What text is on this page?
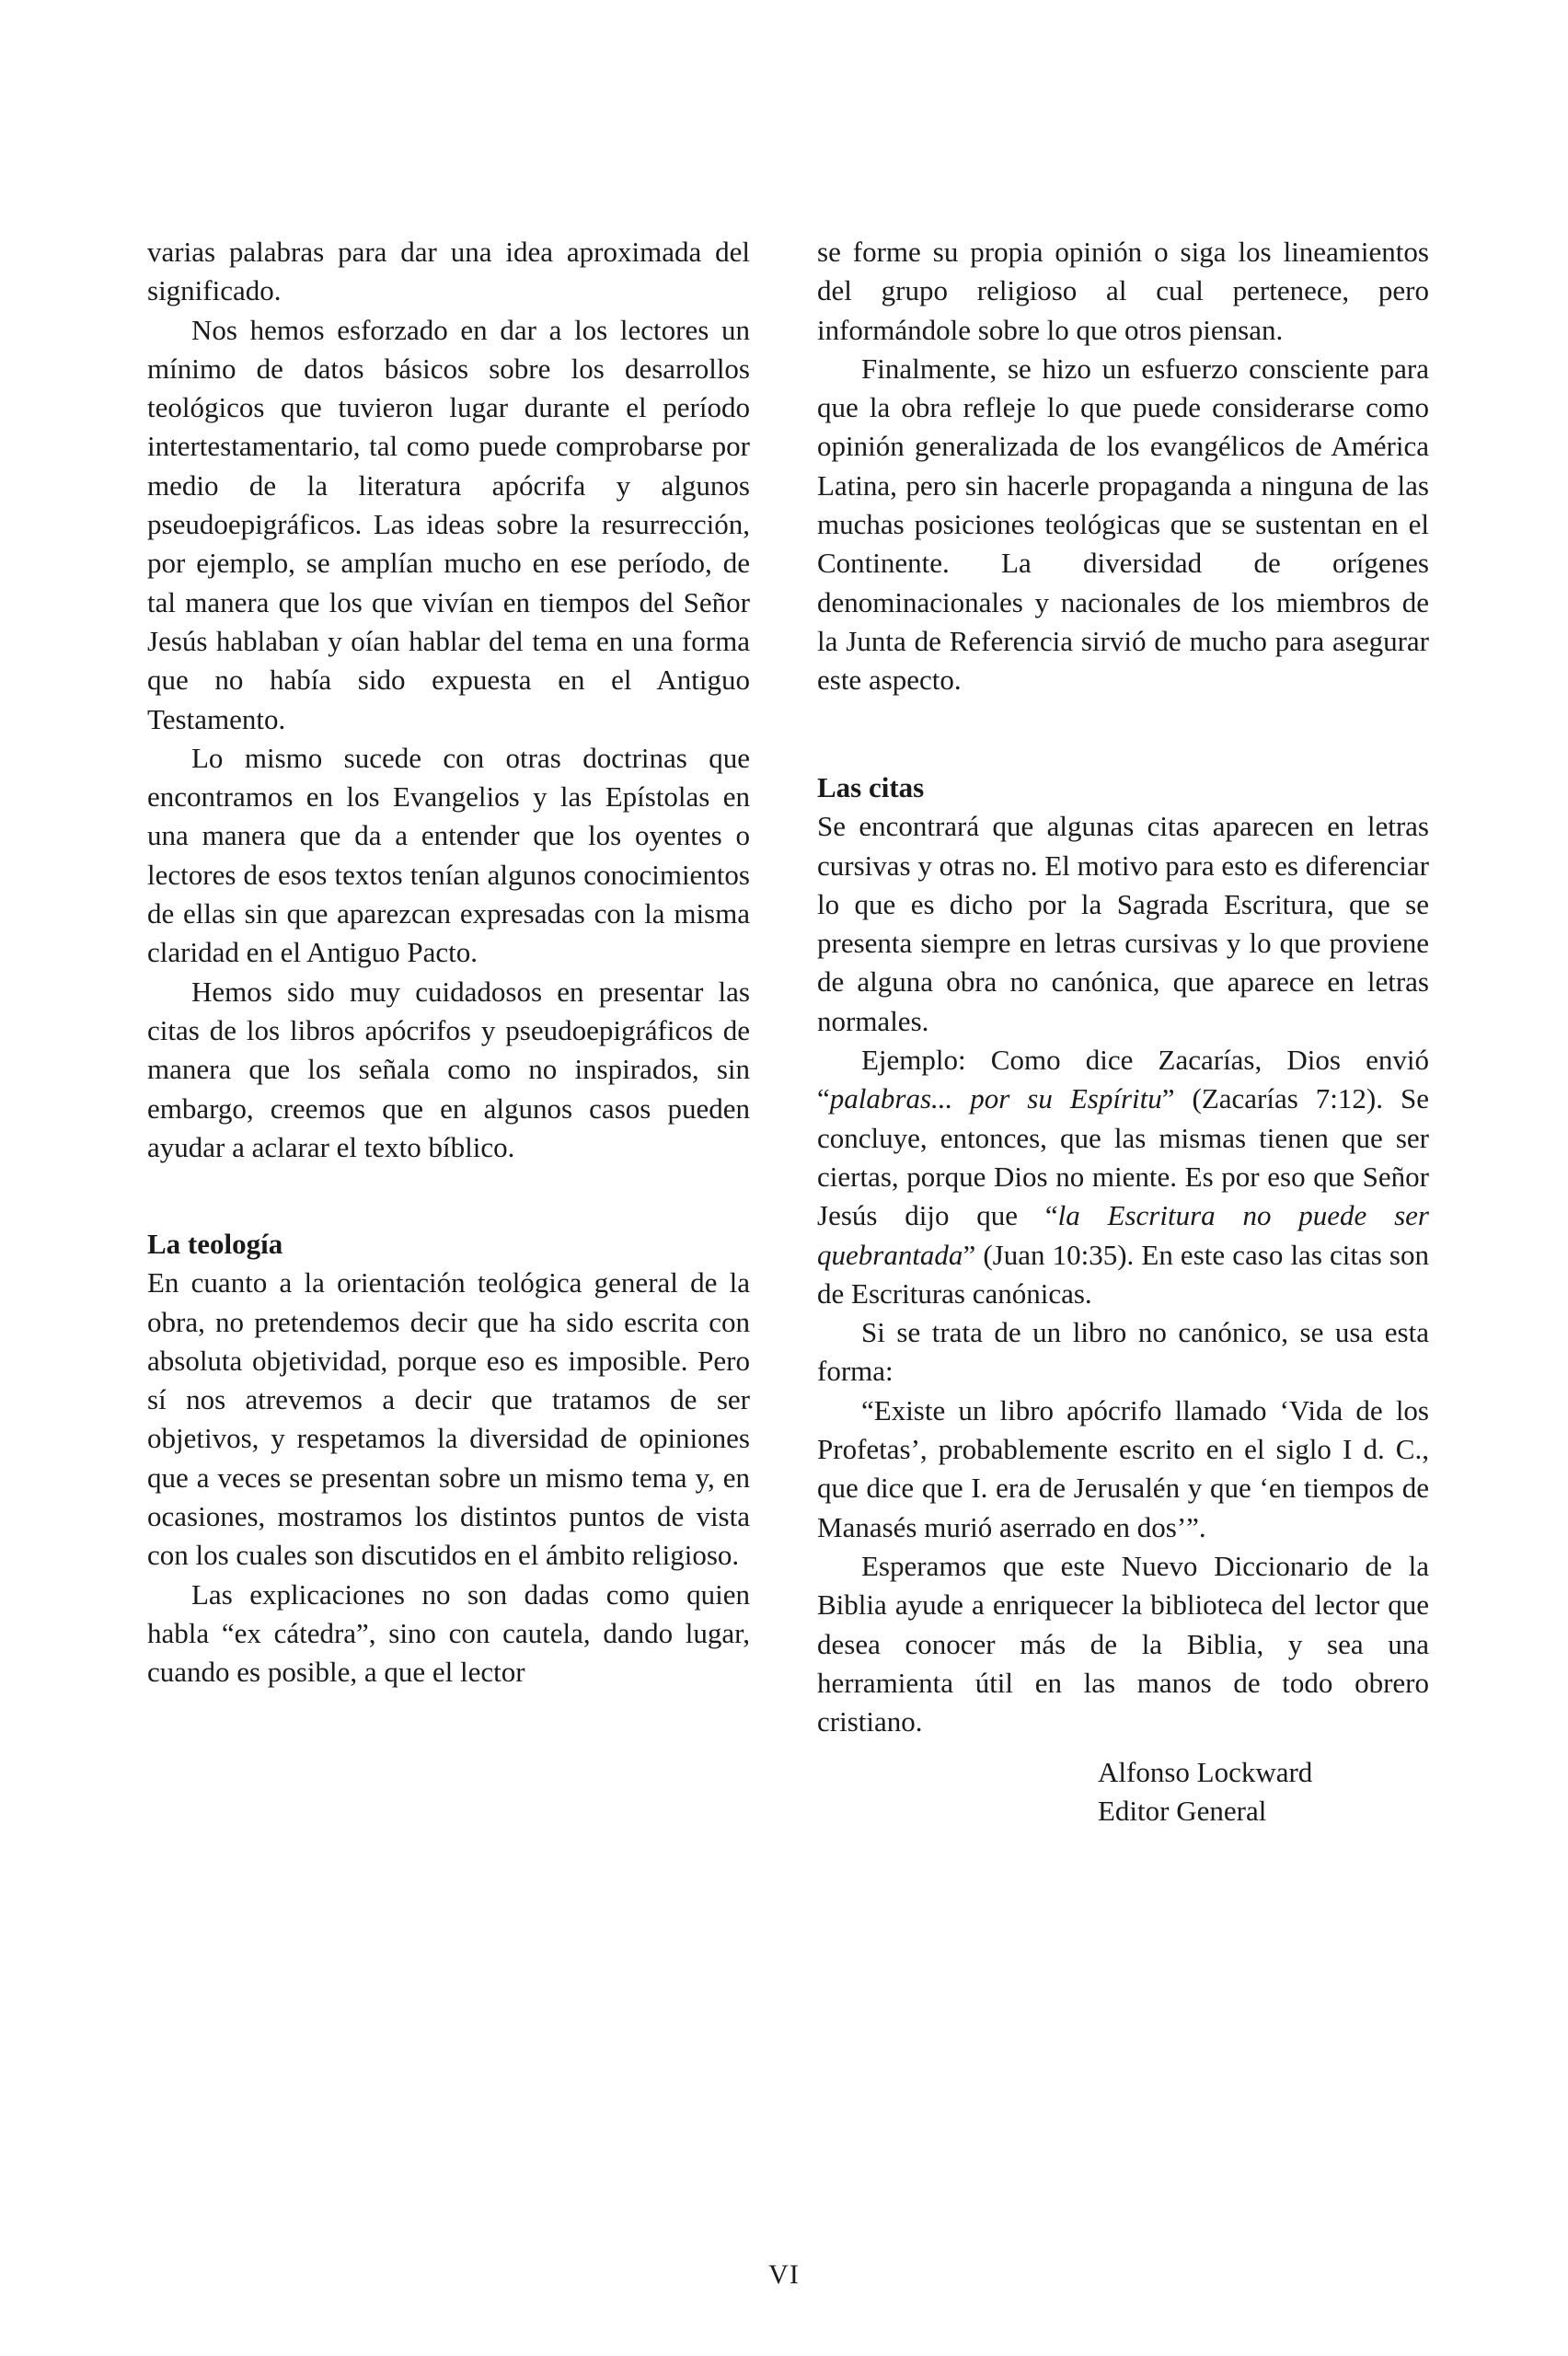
varias palabras para dar una idea aproximada del significado.

Nos hemos esforzado en dar a los lectores un mínimo de datos básicos sobre los desarrollos teológicos que tuvieron lugar durante el período intertestamentario, tal como puede comprobarse por medio de la literatura apócrifa y algunos pseudoepigráficos. Las ideas sobre la resurrección, por ejemplo, se amplían mucho en ese período, de tal manera que los que vivían en tiempos del Señor Jesús hablaban y oían hablar del tema en una forma que no había sido expuesta en el Antiguo Testamento.

Lo mismo sucede con otras doctrinas que encontramos en los Evangelios y las Epístolas en una manera que da a entender que los oyentes o lectores de esos textos tenían algunos conocimientos de ellas sin que aparezcan expresadas con la misma claridad en el Antiguo Pacto.

Hemos sido muy cuidadosos en presentar las citas de los libros apócrifos y pseudoepigráficos de manera que los señala como no inspirados, sin embargo, creemos que en algunos casos pueden ayudar a aclarar el texto bíblico.

La teología

En cuanto a la orientación teológica general de la obra, no pretendemos decir que ha sido escrita con absoluta objetividad, porque eso es imposible. Pero sí nos atrevemos a decir que tratamos de ser objetivos, y respetamos la diversidad de opiniones que a veces se presentan sobre un mismo tema y, en ocasiones, mostramos los distintos puntos de vista con los cuales son discutidos en el ámbito religioso.

Las explicaciones no son dadas como quien habla “ex cátedra”, sino con cautela, dando lugar, cuando es posible, a que el lector

se forme su propia opinión o siga los lineamientos del grupo religioso al cual pertenece, pero informándole sobre lo que otros piensan.

Finalmente, se hizo un esfuerzo consciente para que la obra refleje lo que puede considerarse como opinión generalizada de los evangélicos de América Latina, pero sin hacerle propaganda a ninguna de las muchas posiciones teológicas que se sustentan en el Continente. La diversidad de orígenes denominacionales y nacionales de los miembros de la Junta de Referencia sirvió de mucho para asegurar este aspecto.

Las citas

Se encontrará que algunas citas aparecen en letras cursivas y otras no. El motivo para esto es diferenciar lo que es dicho por la Sagrada Escritura, que se presenta siempre en letras cursivas y lo que proviene de alguna obra no canónica, que aparece en letras normales.

Ejemplo: Como dice Zacarías, Dios envió “palabras... por su Espíritu” (Zacarías 7:12). Se concluye, entonces, que las mismas tienen que ser ciertas, porque Dios no miente. Es por eso que Señor Jesús dijo que “la Escritura no puede ser quebrantada” (Juan 10:35). En este caso las citas son de Escrituras canónicas.

Si se trata de un libro no canónico, se usa esta forma:

“Existe un libro apócrifo llamado ‘Vida de los Profetas’, probablemente escrito en el siglo I d. C., que dice que I. era de Jerusalén y que ‘en tiempos de Manasés murió aserrado en dos’”.

Esperamos que este Nuevo Diccionario de la Biblia ayude a enriquecer la biblioteca del lector que desea conocer más de la Biblia, y sea una herramienta útil en las manos de todo obrero cristiano.

Alfonso Lockward
Editor General
VI
